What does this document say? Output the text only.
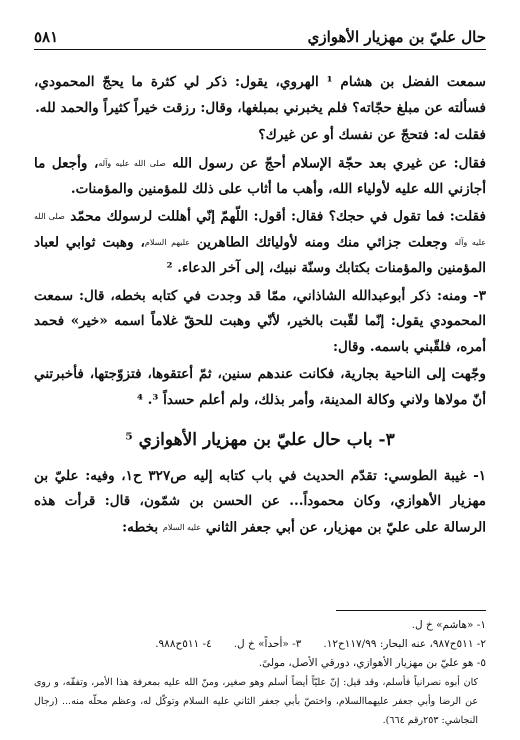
حال عليّ بن مهزيار الأهوازي
٥٨١

سمعت الفضل بن هشام ¹ الهروي، يقول: ذكر لي كثرة ما يحجّ المحمودي، فسألته عن مبلغ حجّاته؟ فلم يخبرني بمبلغها، وقال: رزقت خيراً كثيراً والحمد لله.

فقلت له: فتحجّ عن نفسك أو عن غيرك؟

فقال: عن غيري بعد حجّة الإسلام أحجّ عن رسول الله صلى الله عليه وآله، وأجعل ما أجازني الله عليه لأولياء الله، وأهب ما أثاب على ذلك للمؤمنين والمؤمنات.

فقلت: فما تقول في حجك؟ فقال: أقول: اللّهمّ إنّي أهللت لرسولك محمّد صلى الله عليه وآله وجعلت جزائي منك ومنه لأوليائك الطاهرين عليهم السلام، وهبت ثوابي لعباد المؤمنين والمؤمنات بكتابك وسنّة نبيك، إلى آخر الدعاء. ²

٣- ومنه: ذكر أبوعبدالله الشاذاني، ممّا قد وجدت في كتابه بخطه، قال: سمعت المحمودي يقول: إنّما لقّبت بالخير، لأنّي وهبت للحقّ غلاماً اسمه «خير» فحمد أمره، فلقّبني باسمه. وقال:

وجّهت إلى الناحية بجارية، فكانت عندهم سنين، ثمّ أعتقوها، فتزوّجتها، فأخبرتني أنّ مولاها ولاني وكالة المدينة، وأمر بذلك، ولم أعلم حسداً ³. ⁴

٣- باب حال عليّ بن مهزيار الأهوازي ⁵

١- غيبة الطوسي: تقدّم الحديث في باب كتابه إليه ص٣٢٧ ح١، وفيه: عليّ بن مهزيار الأهوازي، وكان محموداً... عن الحسن بن شمّون، قال: قرأت هذه الرسالة على عليّ بن مهزيار، عن أبي جعفر الثاني عليه السلام بخطه:

١- «هاشم» خ ل.

٢- ٥١١ح٩٨٧، عنه البحار: ١١٧/٩٩ح١٢.
٣- «أحداً» خ ل.
٤- ٥١١ح٩٨٨.

٥- هو عليّ بن مهزيار الأهوازي، دورقي الأصل، مولىً.

كان أبوه نصرانياً فأسلم، وقد قيل: إنّ عليّاً أيضاً أسلم وهو صغير، ومنّ الله عليه بمعرفة هذا الأمر، وتفقّه، و روى عن الرضا وأبي جعفر عليهماالسلام، واختصّ بأبي جعفر الثاني عليه السلام وتوكّل له، وعظم محلّه منه... (رجال النجاشي: ٢٥٣رقم ٦٦٤).
